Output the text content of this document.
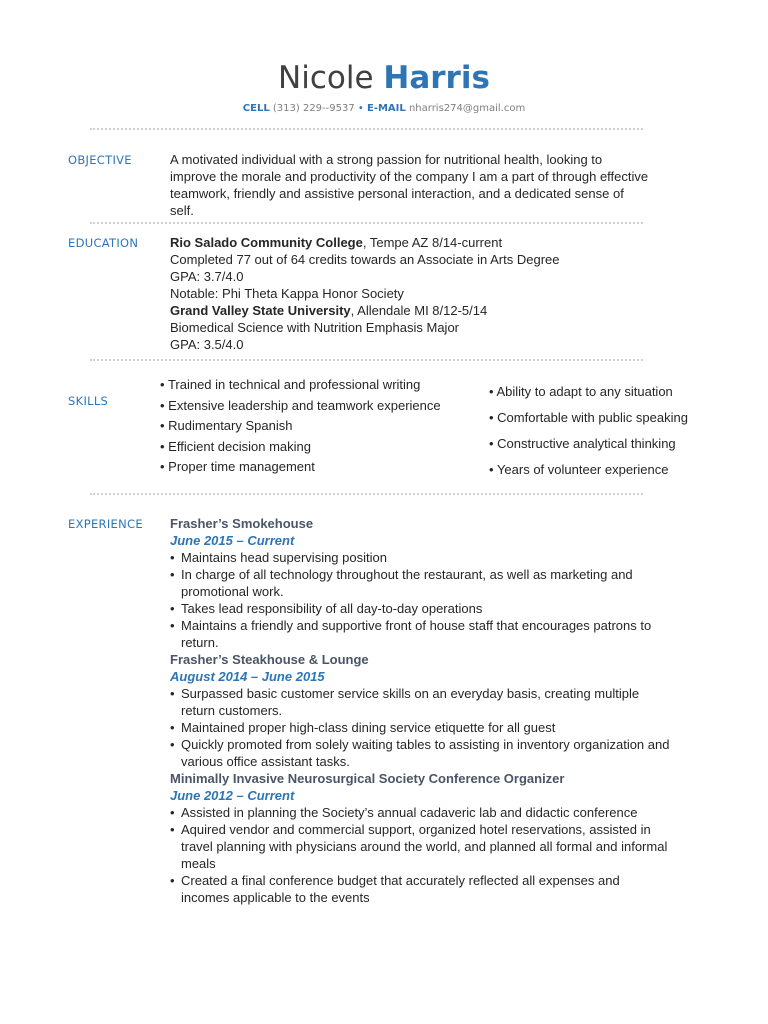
Nicole Harris
CELL (313) 229--9537 • E-MAIL nharris274@gmail.com
OBJECTIVE	A motivated individual with a strong passion for nutritional health, looking to

improve the morale and productivity of the company I am a part of through effective

teamwork, friendly and assistive personal interaction, and a dedicated sense of

self.

EDUCATION Rio Salado Community College, Tempe AZ 8/14-current

Completed 77 out of 64 credits towards an Associate in Arts Degree

GPA: 3.7/4.0

Notable: Phi Theta Kappa Honor Society

Grand Valley State University, Allendale MI 8/12-5/14

Biomedical Science with Nutrition Emphasis Major

GPA: 3.5/4.0

SKILLS
• Trained in technical and professional writing
• Extensive leadership and teamwork experience
• Rudimentary Spanish
• Efficient decision making
• Proper time management
• Ability to adapt to any situation
• Comfortable with public speaking
• Constructive analytical thinking
• Years of volunteer experience
EXPERIENCE Frasher’s Smokehouse

June 2015 – Current

• Maintains head supervising position
• In charge of all technology throughout the restaurant, as well as marketing and promotional work.
• Takes lead responsibility of all day-to-day operations
• Maintains a friendly and supportive front of house staff that encourages patrons to return.

Frasher’s Steakhouse & Lounge

August 2014 – June 2015

• Surpassed basic customer service skills on an everyday basis, creating multiple return customers.
• Maintained proper high-class dining service etiquette for all guest
• Quickly promoted from solely waiting tables to assisting in inventory organization and various office assistant tasks.

Minimally Invasive Neurosurgical Society Conference Organizer

June 2012 – Current

• Assisted in planning the Society’s annual cadaveric lab and didactic conference
• Aquired vendor and commercial support, organized hotel reservations, assisted in travel planning with physicians around the world, and planned all formal and informal meals
• Created a final conference budget that accurately reflected all expenses and incomes applicable to the events
